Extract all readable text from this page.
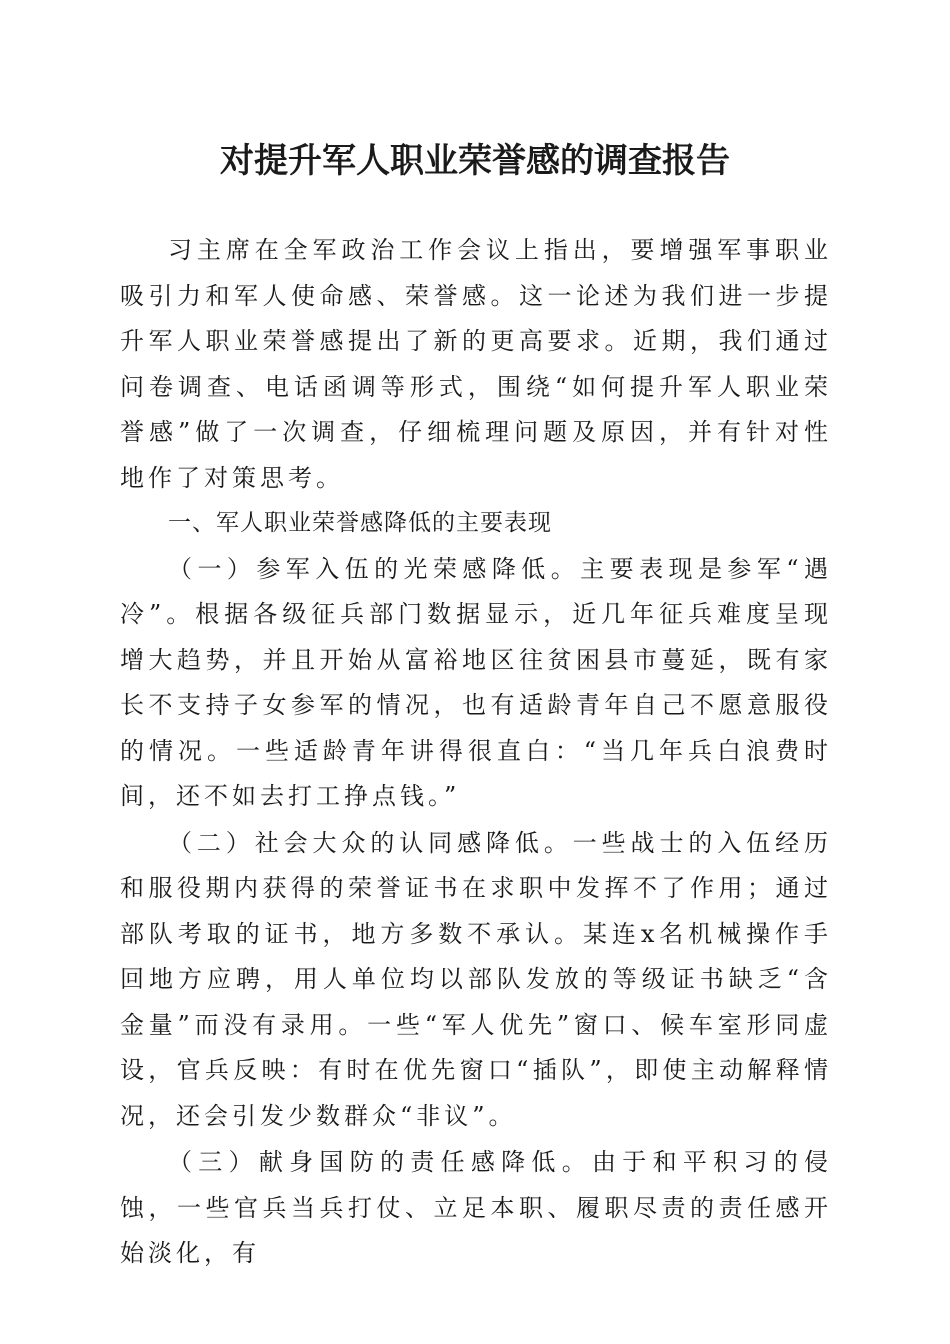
对提升军人职业荣誉感的调查报告

习主席在全军政治工作会议上指出，要增强军事职业吸引力和军人使命感、荣誉感。这一论述为我们进一步提升军人职业荣誉感提出了新的更高要求。近期，我们通过问卷调查、电话函调等形式，围绕“如何提升军人职业荣誉感”做了一次调查，仔细梳理问题及原因，并有针对性地作了对策思考。

一、军人职业荣誉感降低的主要表现

（一）参军入伍的光荣感降低。主要表现是参军“遇冷”。根据各级征兵部门数据显示，近几年征兵难度呈现增大趋势，并且开始从富裕地区往贫困县市蔓延，既有家长不支持子女参军的情况，也有适龄青年自己不愿意服役的情况。一些适龄青年讲得很直白：“当几年兵白浪费时间，还不如去打工挣点钱。”

（二）社会大众的认同感降低。一些战士的入伍经历和服役期内获得的荣誉证书在求职中发挥不了作用；通过部队考取的证书，地方多数不承认。某连x名机械操作手回地方应聘，用人单位均以部队发放的等级证书缺乏“含金量”而没有录用。一些“军人优先”窗口、候车室形同虚设，官兵反映：有时在优先窗口“插队”，即使主动解释情况，还会引发少数群众“非议”。

（三）献身国防的责任感降低。由于和平积习的侵蚀，一些官兵当兵打仗、立足本职、履职尽责的责任感开始淡化，有
